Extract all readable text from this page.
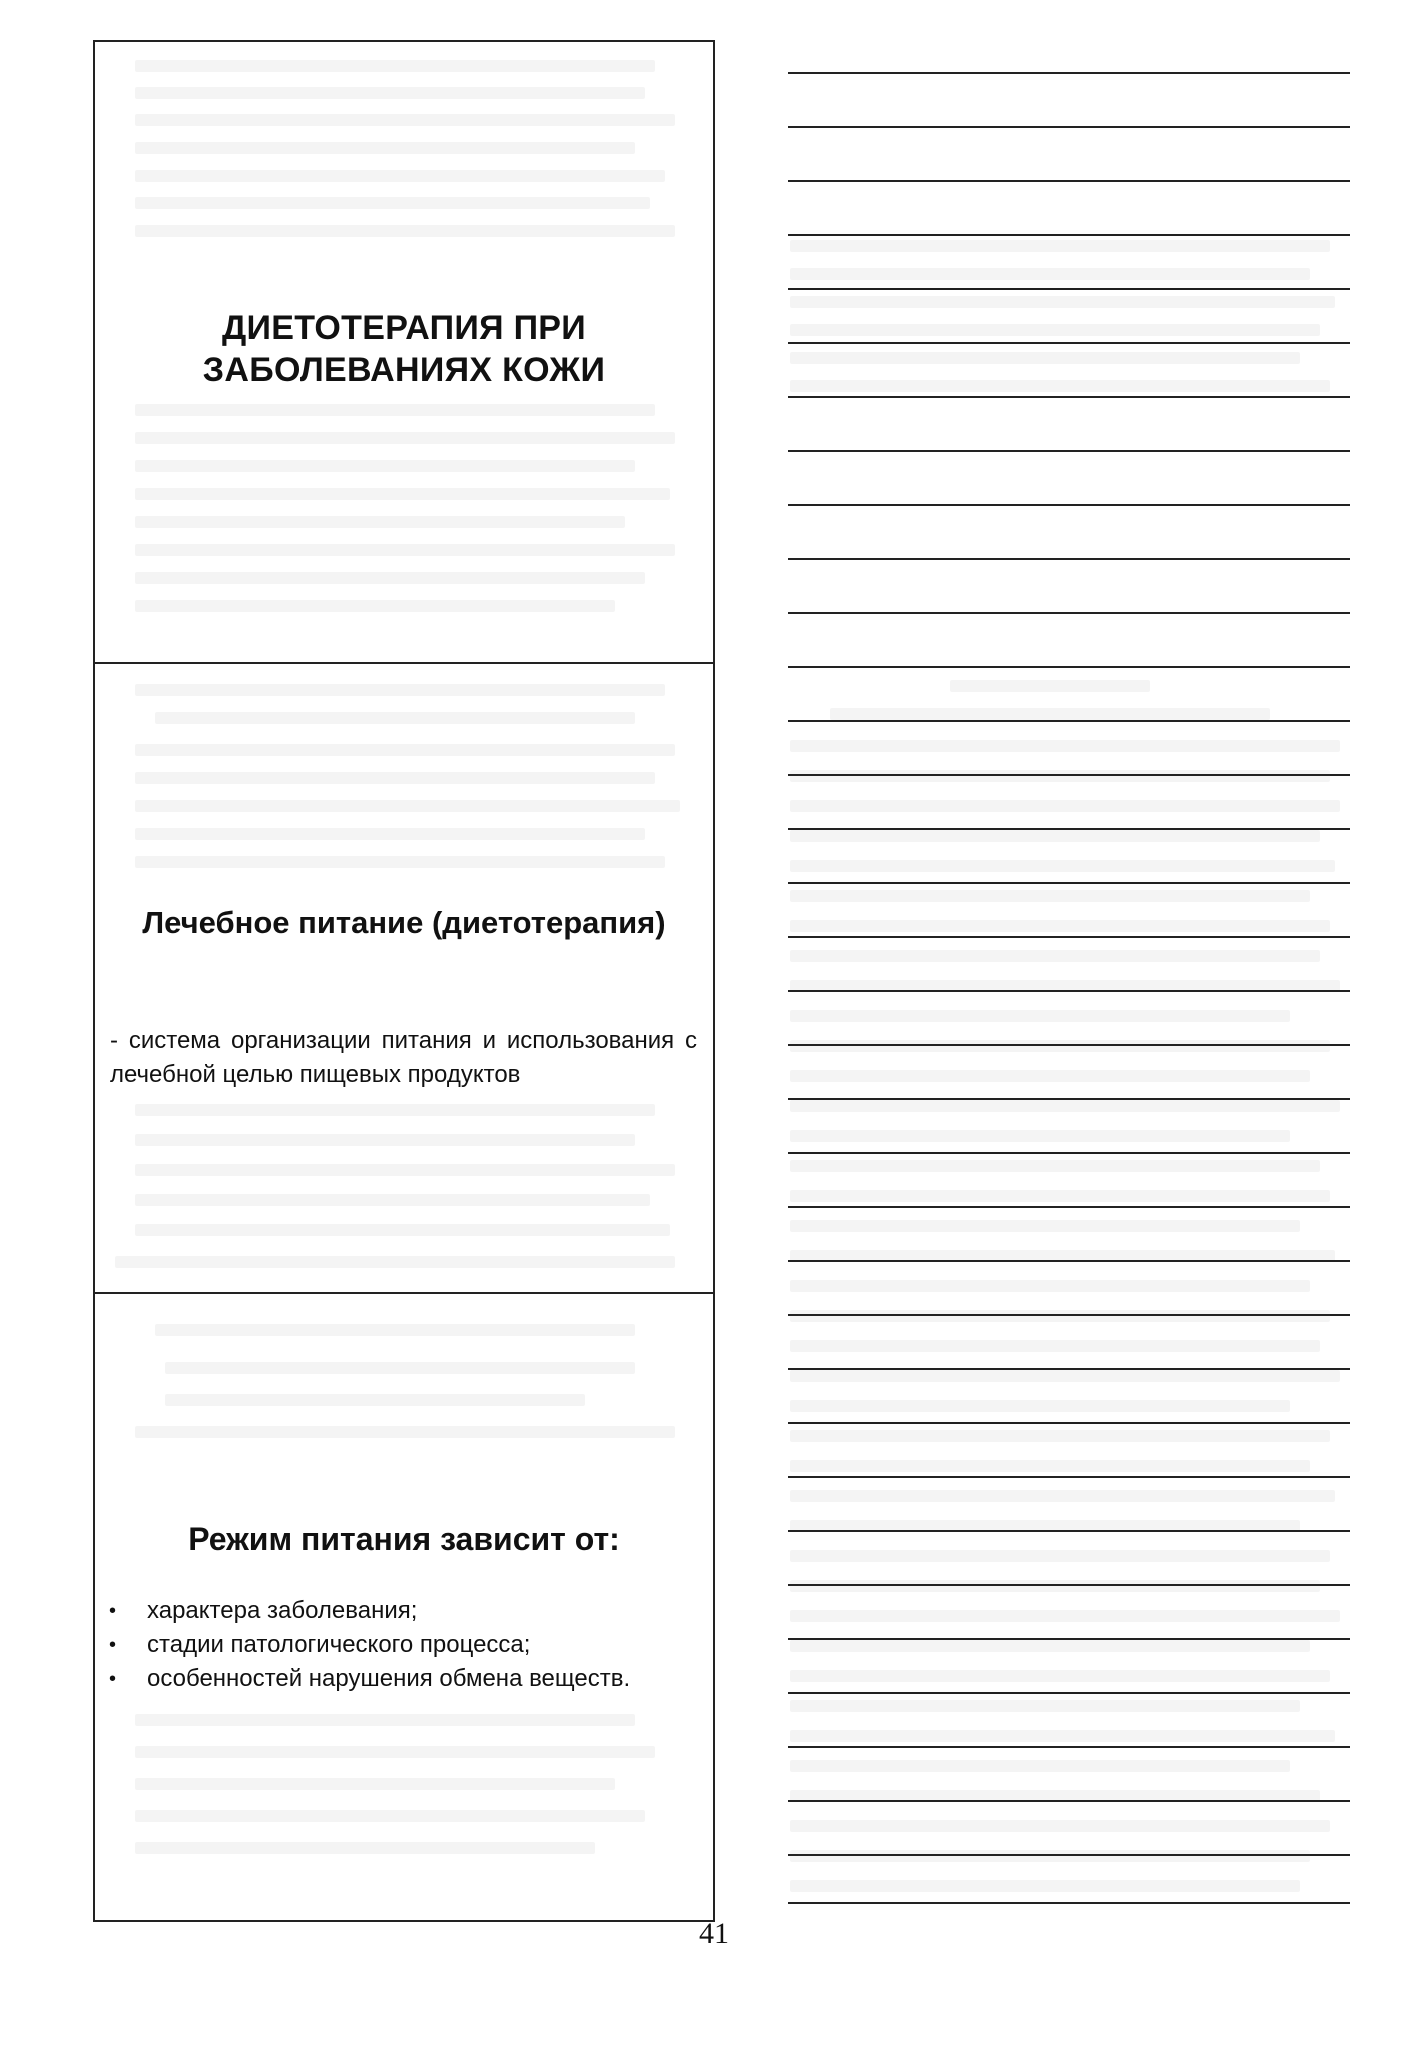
ДИЕТОТЕРАПИЯ ПРИ ЗАБОЛЕВАНИЯХ КОЖИ
Лечебное питание (диетотерапия)
- система организации питания и использования с лечебной целью пищевых продуктов
Режим питания зависит от:
• характера заболевания;
• стадии патологического процесса;
• особенностей нарушения обмена веществ.
41
